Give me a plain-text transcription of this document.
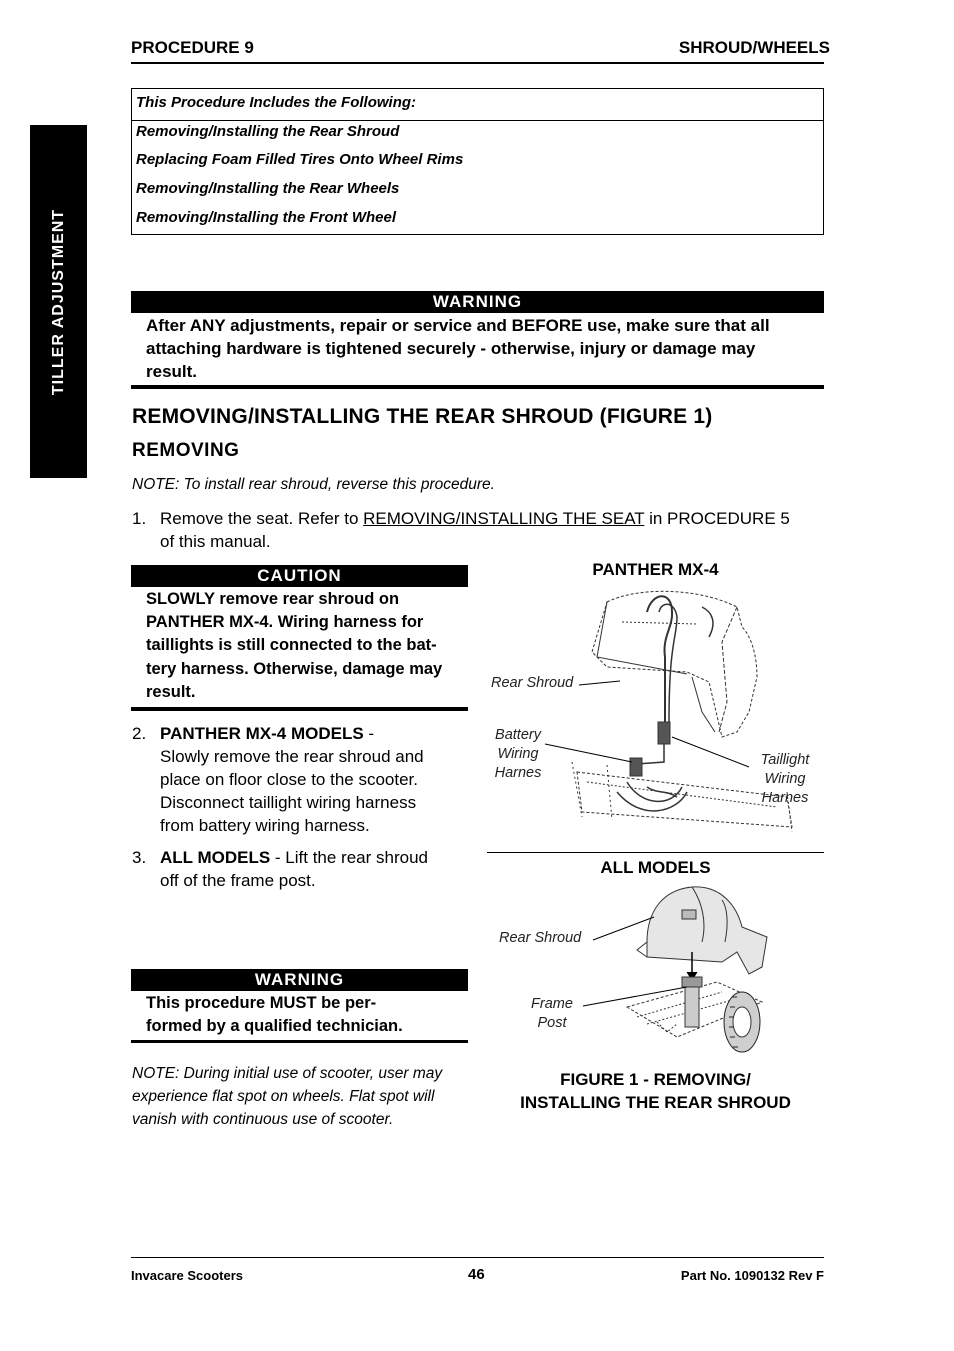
PROCEDURE 9	SHROUD/WHEELS
TILLER ADJUSTMENT
This Procedure Includes the Following:
Removing/Installing the Rear Shroud
Replacing Foam Filled Tires Onto Wheel Rims
Removing/Installing the Rear Wheels
Removing/Installing the Front Wheel
WARNING
After ANY adjustments, repair or service and BEFORE use, make sure that all attaching hardware is tightened securely - otherwise, injury or damage may result.
REMOVING/INSTALLING THE REAR SHROUD (FIGURE 1)
REMOVING
NOTE: To install rear shroud, reverse this procedure.
1. Remove the seat. Refer to REMOVING/INSTALLING THE SEAT in PROCEDURE 5
of this manual.
CAUTION
SLOWLY remove rear shroud on
PANTHER MX-4. Wiring harness for
taillights is still connected to the bat-
tery harness. Otherwise, damage may
result.
2. PANTHER MX-4 MODELS -
Slowly remove the rear shroud and
place on floor close to the scooter.
Disconnect taillight wiring harness
from battery wiring harness.
3. ALL MODELS - Lift the rear shroud
off of the frame post.
WARNING
This procedure MUST be per-
formed by a qualified technician.
NOTE: During initial use of scooter, user may
experience flat spot on wheels. Flat spot will
vanish with continuous use of scooter.
PANTHER MX-4
Rear Shroud
Battery
Wiring
Harnes
Taillight
Wiring
Harnes
ALL MODELS
Rear Shroud
Frame
Post
FIGURE 1 - REMOVING/
INSTALLING THE REAR SHROUD
Invacare Scooters	46	Part No. 1090132 Rev F
